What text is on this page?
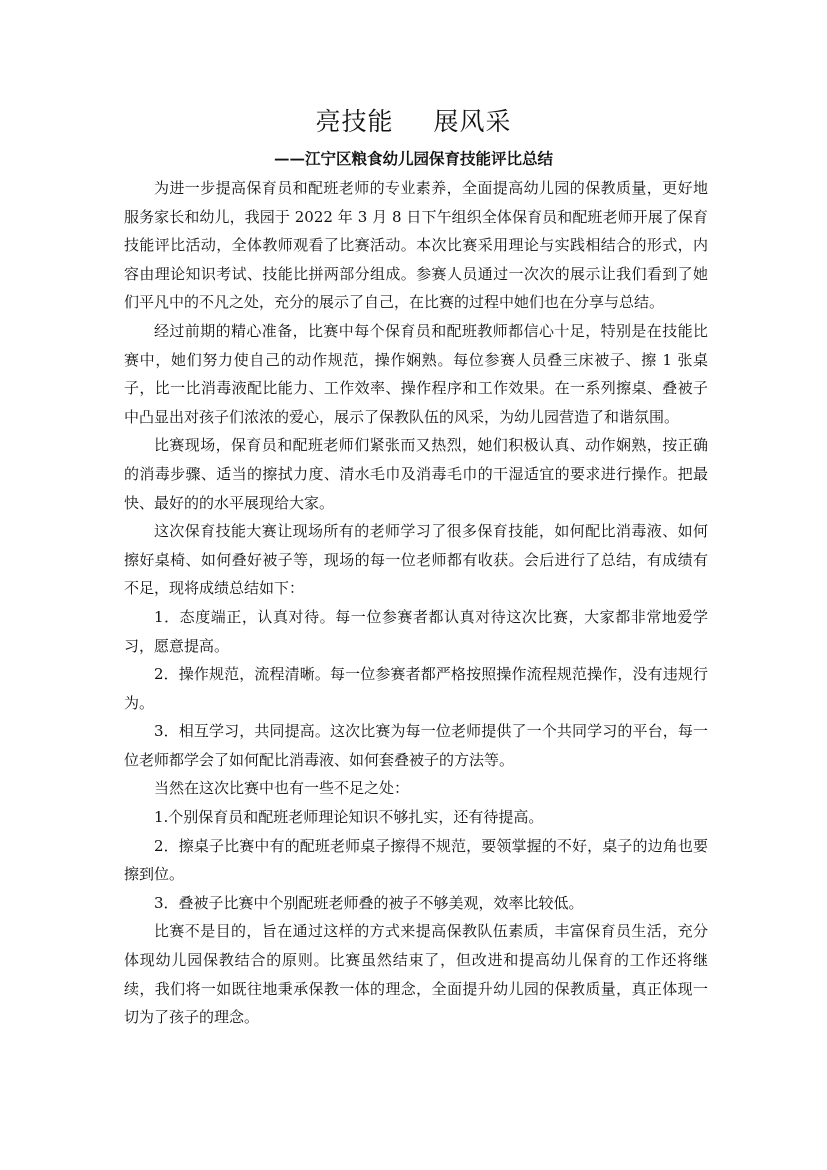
亮技能 展风采
——江宁区粮食幼儿园保育技能评比总结

为进一步提高保育员和配班老师的专业素养，全面提高幼儿园的保教质量，更好地服务家长和幼儿，我园于 2022 年 3 月 8 日下午组织全体保育员和配班老师开展了保育技能评比活动，全体教师观看了比赛活动。本次比赛采用理论与实践相结合的形式，内容由理论知识考试、技能比拼两部分组成。参赛人员通过一次次的展示让我们看到了她们平凡中的不凡之处，充分的展示了自己，在比赛的过程中她们也在分享与总结。

经过前期的精心准备，比赛中每个保育员和配班教师都信心十足，特别是在技能比赛中，她们努力使自己的动作规范，操作娴熟。每位参赛人员叠三床被子、擦 1 张桌子，比一比消毒液配比能力、工作效率、操作程序和工作效果。在一系列擦桌、叠被子中凸显出对孩子们浓浓的爱心，展示了保教队伍的风采，为幼儿园营造了和谐氛围。

比赛现场，保育员和配班老师们紧张而又热烈，她们积极认真、动作娴熟，按正确的消毒步骤、适当的擦拭力度、清水毛巾及消毒毛巾的干湿适宜的要求进行操作。把最快、最好的的水平展现给大家。

这次保育技能大赛让现场所有的老师学习了很多保育技能，如何配比消毒液、如何擦好桌椅、如何叠好被子等，现场的每一位老师都有收获。会后进行了总结，有成绩有不足，现将成绩总结如下：

1．态度端正，认真对待。每一位参赛者都认真对待这次比赛，大家都非常地爱学习，愿意提高。

2．操作规范，流程清晰。每一位参赛者都严格按照操作流程规范操作，没有违规行为。

3．相互学习，共同提高。这次比赛为每一位老师提供了一个共同学习的平台，每一位老师都学会了如何配比消毒液、如何套叠被子的方法等。

当然在这次比赛中也有一些不足之处：

1.个别保育员和配班老师理论知识不够扎实，还有待提高。

2．擦桌子比赛中有的配班老师桌子擦得不规范，要领掌握的不好，桌子的边角也要擦到位。

3．叠被子比赛中个别配班老师叠的被子不够美观，效率比较低。

比赛不是目的，旨在通过这样的方式来提高保教队伍素质，丰富保育员生活，充分体现幼儿园保教结合的原则。比赛虽然结束了，但改进和提高幼儿保育的工作还将继续，我们将一如既往地秉承保教一体的理念，全面提升幼儿园的保教质量，真正体现一切为了孩子的理念。
